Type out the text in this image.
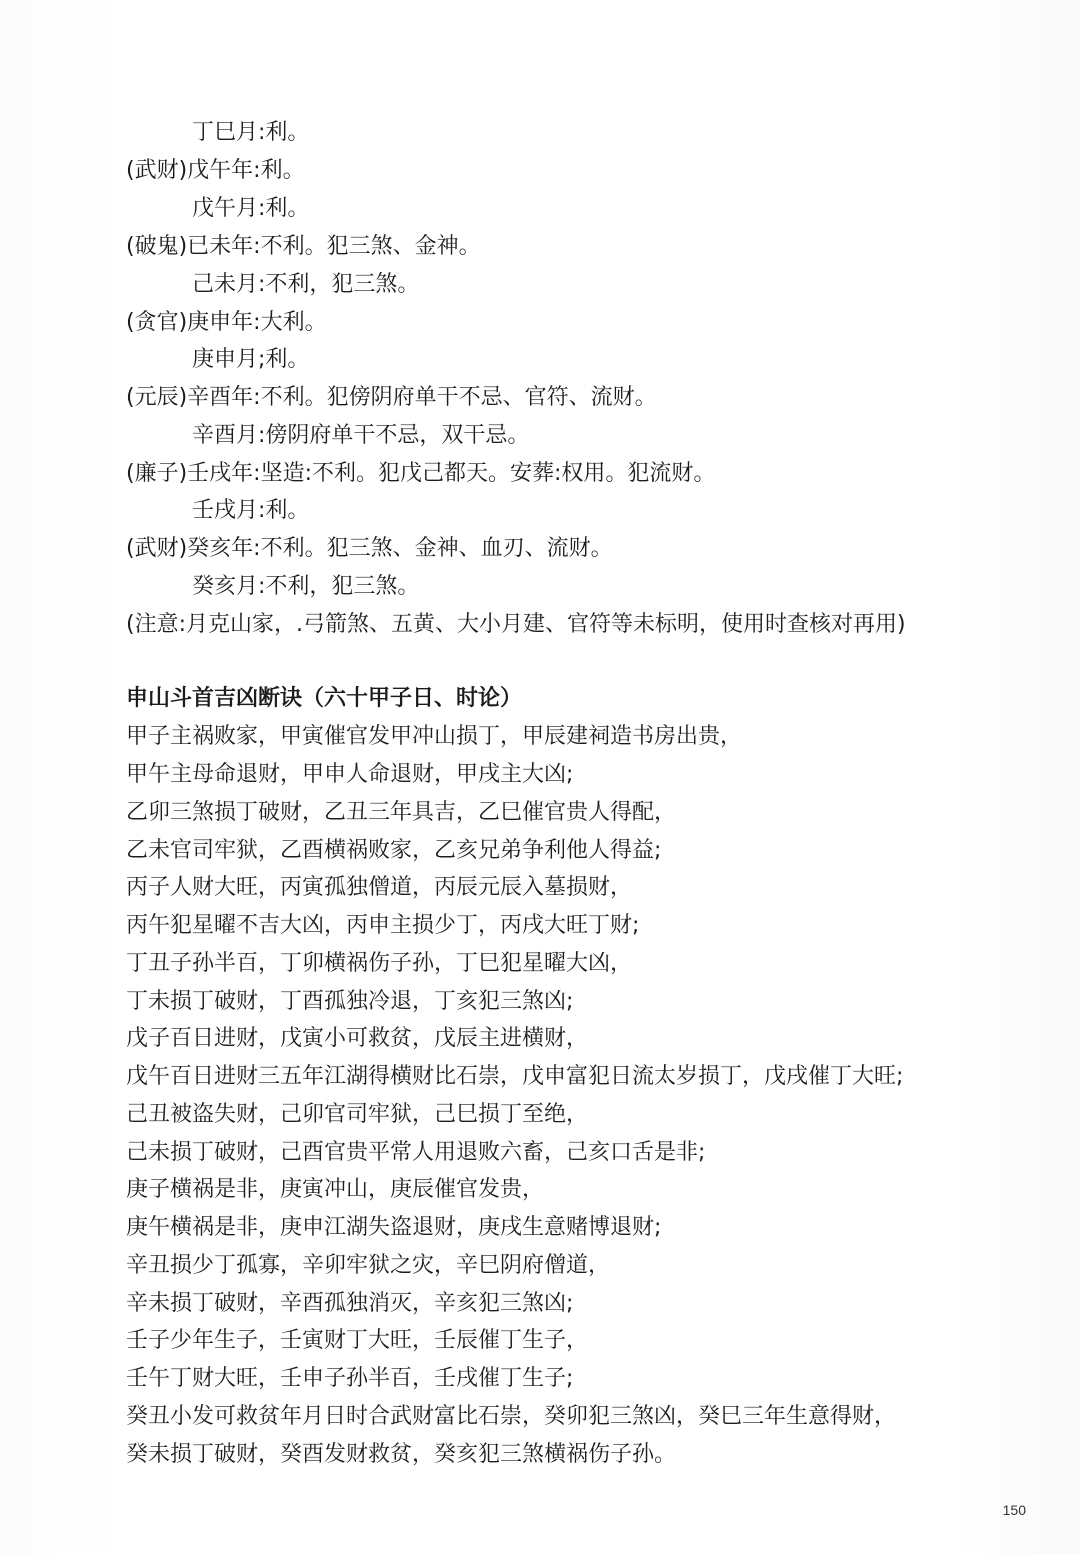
丁巳月:利。
(武财)戊午年:利。
戊午月:利。
(破鬼)已未年:不利。犯三煞、金神。
己未月:不利，犯三煞。
(贪官)庚申年:大利。
庚申月;利。
(元辰)辛酉年:不利。犯傍阴府单干不忌、官符、流财。
辛酉月:傍阴府单干不忌，双干忌。
(廉子)壬戌年:坚造:不利。犯戊己都天。安葬:权用。犯流财。
壬戌月:利。
(武财)癸亥年:不利。犯三煞、金神、血刃、流财。
癸亥月:不利，犯三煞。
(注意:月克山家，.弓箭煞、五黄、大小月建、官符等未标明，使用时查核对再用)
申山斗首吉凶断诀（六十甲子日、时论）
甲子主祸败家，甲寅催官发甲冲山损丁，甲辰建祠造书房出贵，
甲午主母命退财，甲申人命退财，甲戌主大凶;
乙卯三煞损丁破财，乙丑三年具吉，乙巳催官贵人得配，
乙未官司牢狱，乙酉横祸败家，乙亥兄弟争利他人得益;
丙子人财大旺，丙寅孤独僧道，丙辰元辰入墓损财，
丙午犯星曜不吉大凶，丙申主损少丁，丙戌大旺丁财;
丁丑子孙半百，丁卯横祸伤子孙，丁巳犯星曜大凶，
丁未损丁破财，丁酉孤独冷退，丁亥犯三煞凶;
戊子百日进财，戊寅小可救贫，戊辰主进横财，
戊午百日进财三五年江湖得横财比石崇，戊申富犯日流太岁损丁，戊戌催丁大旺;
己丑被盗失财，己卯官司牢狱，己巳损丁至绝，
己未损丁破财，己酉官贵平常人用退败六畜，己亥口舌是非;
庚子横祸是非，庚寅冲山，庚辰催官发贵，
庚午横祸是非，庚申江湖失盗退财，庚戌生意赌博退财;
辛丑损少丁孤寡，辛卯牢狱之灾，辛巳阴府僧道，
辛未损丁破财，辛酉孤独消灭，辛亥犯三煞凶;
壬子少年生子，壬寅财丁大旺，壬辰催丁生子，
壬午丁财大旺，壬申子孙半百，壬戌催丁生子;
癸丑小发可救贫年月日时合武财富比石崇，癸卯犯三煞凶，癸巳三年生意得财，
癸未损丁破财，癸酉发财救贫，癸亥犯三煞横祸伤子孙。
150
